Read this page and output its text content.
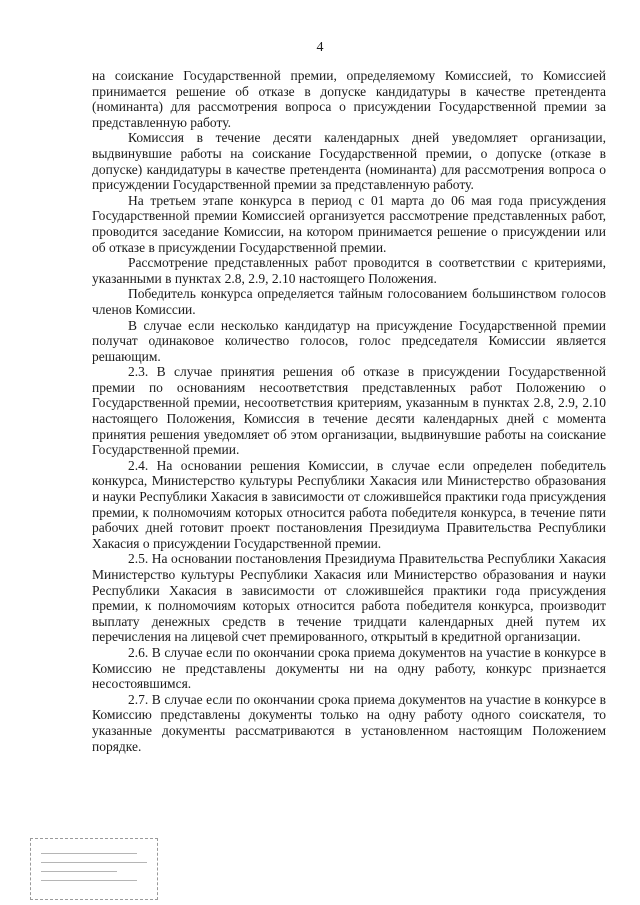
4

на соискание Государственной премии, определяемому Комиссией, то Комиссией принимается решение об отказе в допуске кандидатуры в качестве претендента (номинанта) для рассмотрения вопроса о присуждении Государственной премии за представленную работу.

Комиссия в течение десяти календарных дней уведомляет организации, выдвинувшие работы на соискание Государственной премии, о допуске (отказе в допуске) кандидатуры в качестве претендента (номинанта) для рассмотрения вопроса о присуждении Государственной премии за представленную работу.

На третьем этапе конкурса в период с 01 марта до 06 мая года присуждения Государственной премии Комиссией организуется рассмотрение представленных работ, проводится заседание Комиссии, на котором принимается решение о присуждении или об отказе в присуждении Государственной премии.

Рассмотрение представленных работ проводится в соответствии с критериями, указанными в пунктах 2.8, 2.9, 2.10 настоящего Положения.

Победитель конкурса определяется тайным голосованием большинством голосов членов Комиссии.

В случае если несколько кандидатур на присуждение Государственной премии получат одинаковое количество голосов, голос председателя Комиссии является решающим.

2.3. В случае принятия решения об отказе в присуждении Государственной премии по основаниям несоответствия представленных работ Положению о Государственной премии, несоответствия критериям, указанным в пунктах 2.8, 2.9, 2.10 настоящего Положения, Комиссия в течение десяти календарных дней с момента принятия решения уведомляет об этом организации, выдвинувшие работы на соискание Государственной премии.

2.4. На основании решения Комиссии, в случае если определен победитель конкурса, Министерство культуры Республики Хакасия или Министерство образования и науки Республики Хакасия в зависимости от сложившейся практики года присуждения премии, к полномочиям которых относится работа победителя конкурса, в течение пяти рабочих дней готовит проект постановления Президиума Правительства Республики Хакасия о присуждении Государственной премии.

2.5. На основании постановления Президиума Правительства Республики Хакасия Министерство культуры Республики Хакасия или Министерство образования и науки Республики Хакасия в зависимости от сложившейся практики года присуждения премии, к полномочиям которых относится работа победителя конкурса, производит выплату денежных средств в течение тридцати календарных дней путем их перечисления на лицевой счет премированного, открытый в кредитной организации.

2.6. В случае если по окончании срока приема документов на участие в конкурсе в Комиссию не представлены документы ни на одну работу, конкурс признается несостоявшимся.

2.7. В случае если по окончании срока приема документов на участие в конкурсе в Комиссию представлены документы только на одну работу одного соискателя, то указанные документы рассматриваются в установленном настоящим Положением порядке.
